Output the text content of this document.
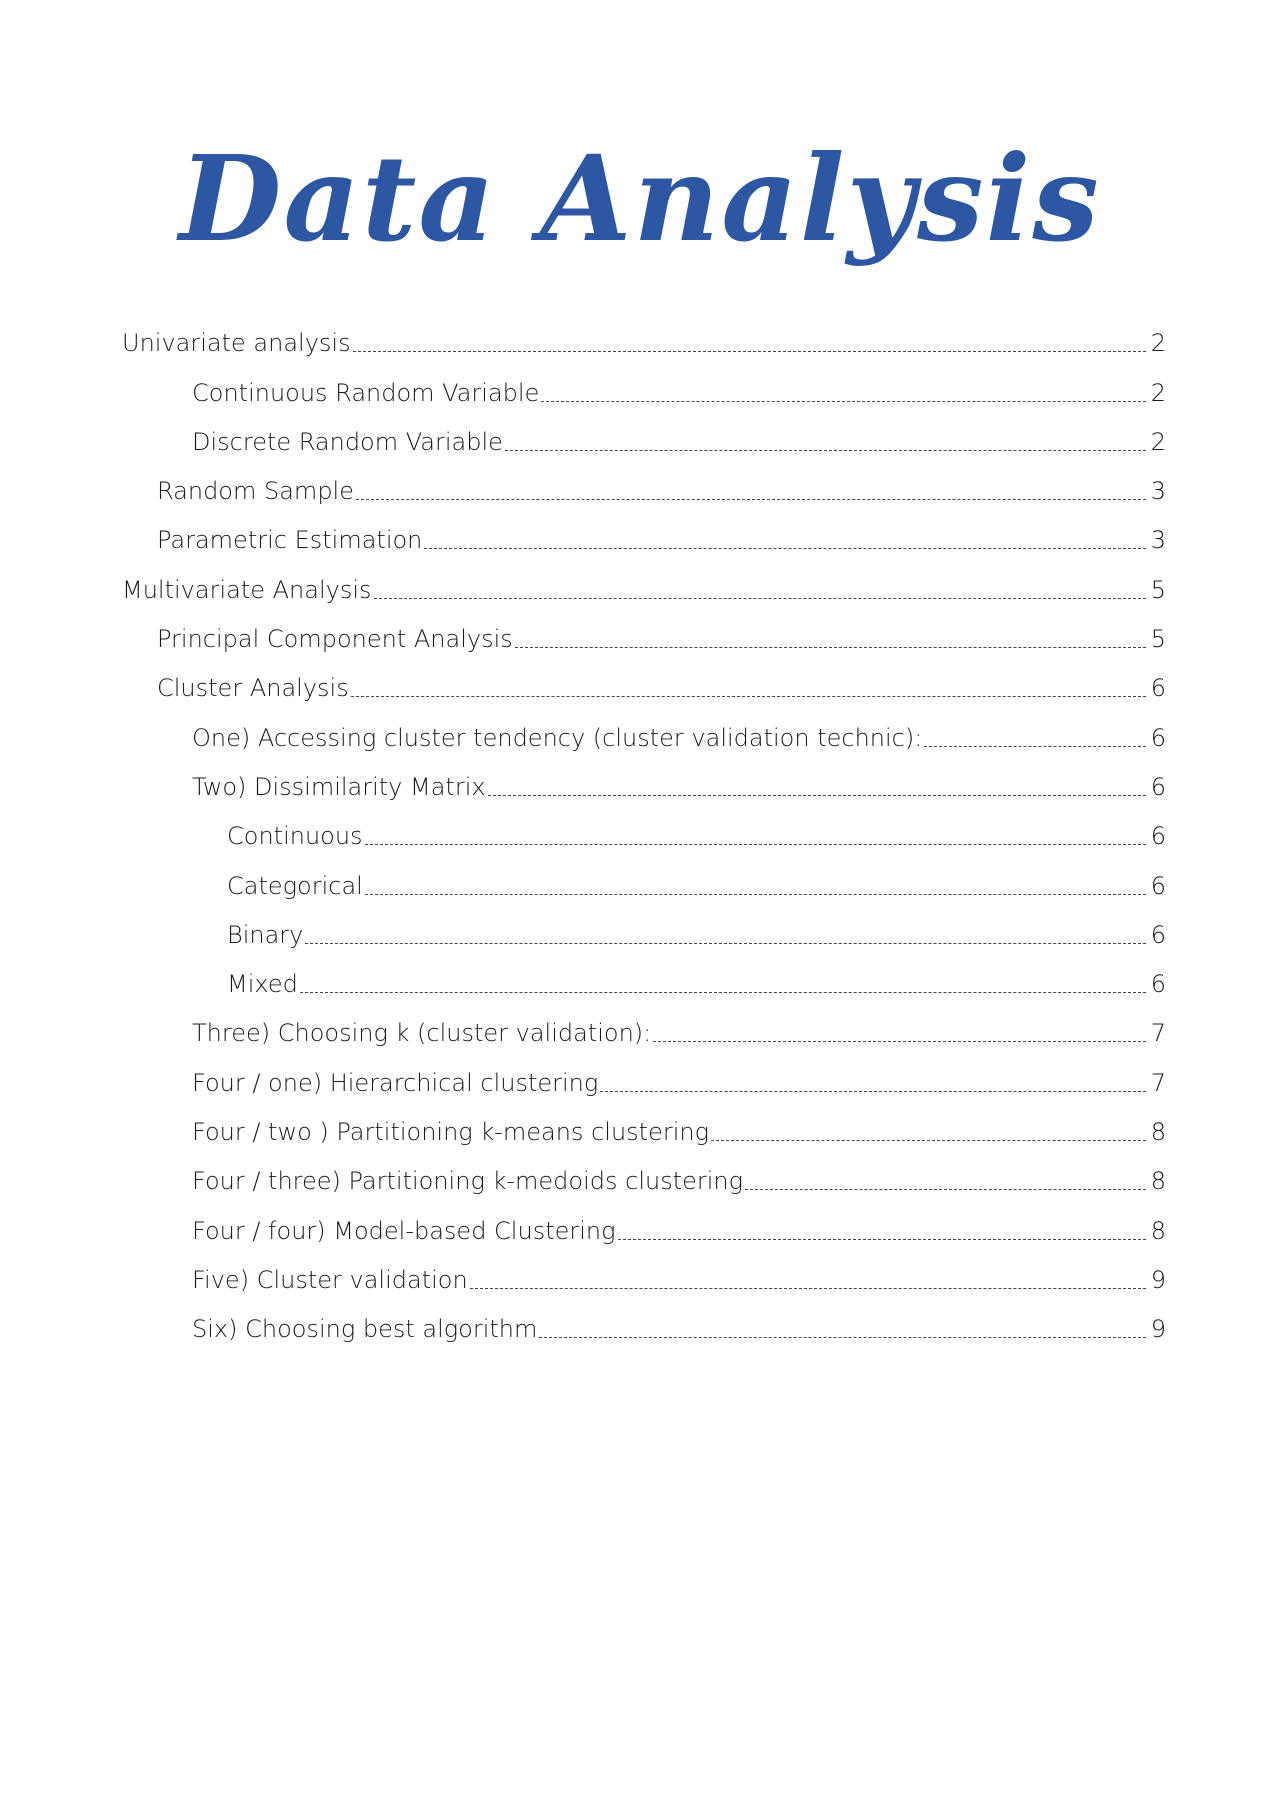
Data Analysis
Univariate analysis	2
Continuous Random Variable	2
Discrete Random Variable	2
Random Sample	3
Parametric Estimation	3
Multivariate Analysis	5
Principal Component Analysis	5
Cluster Analysis	6
One) Accessing cluster tendency (cluster validation technic):	6
Two) Dissimilarity Matrix	6
Continuous	6
Categorical	6
Binary	6
Mixed	6
Three) Choosing k (cluster validation):	7
Four / one) Hierarchical clustering	7
Four / two ) Partitioning k-means clustering	8
Four / three) Partitioning k-medoids clustering	8
Four / four) Model-based Clustering	8
Five) Cluster validation	9
Six) Choosing best algorithm	9
